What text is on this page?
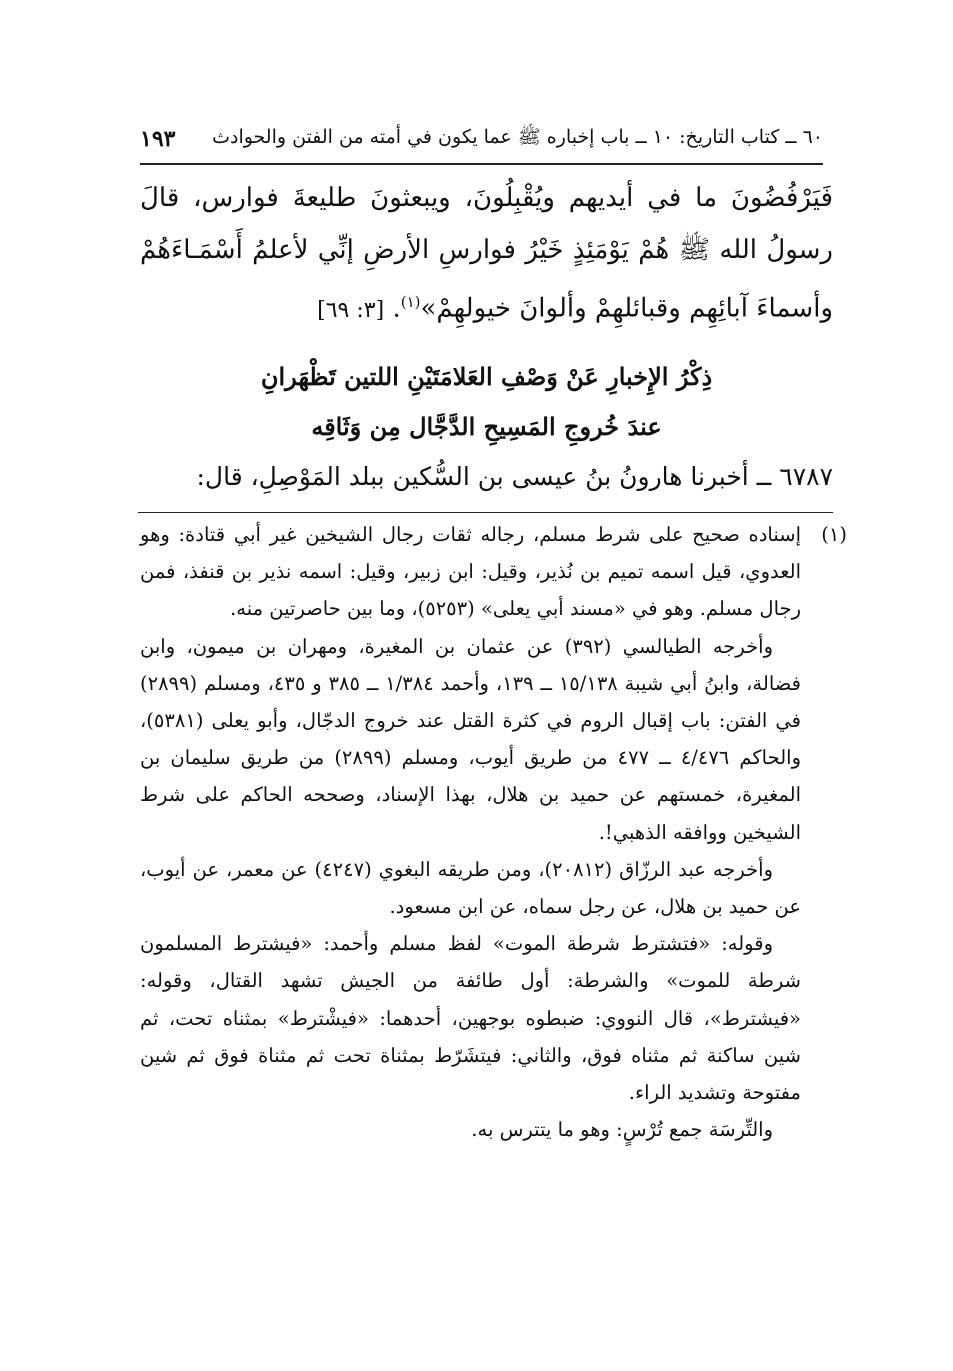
٦٠ ــ كتاب التاريخ: ١٠ ــ باب إخباره ﷺ عما يكون في أمته من الفتن والحوادث
١٩٣
فَيَرْفُضُونَ ما في أيديهم ويُقْبِلُونَ، ويبعثونَ طليعةَ فوارس، قالَ رسولُ الله ﷺ هُمْ يَوْمَئِذٍ خَيْرُ فوارسِ الأرضِ إنِّي لأعلمُ أَسْمَـاءَهُمْ وأسماءَ آبائِهِم وقبائلهِمْ وألوانَ خيولهِمْ»$^{(١)}$. [٣: ٦٩]
ذِكْرُ الإِخبارِ عَنْ وَصْفِ العَلامَتَيْنِ اللتين تَظْهَرانِ
عندَ خُروجِ المَسِيحِ الدَّجَّال مِن وَثَاقِه
٦٧٨٧ ــ أخبرنا هارونُ بنُ عيسى بن السُّكين ببلد المَوْصِلِ، قال:
(١)

إسناده صحيح على شرط مسلم، رجاله ثقات رجال الشيخين غير أبي قتادة: وهو العدوي، قيل اسمه تميم بن نُذير، وقيل: ابن زبير، وقيل: اسمه نذير بن قنفذ، فمن رجال مسلم. وهو في «مسند أبي يعلى» (٥٢٥٣)، وما بين حاصرتين منه.

وأخرجه الطيالسي (٣٩٢) عن عثمان بن المغيرة، ومهران بن ميمون، وابن فضالة، وابنُ أبي شيبة ١٥/١٣٨ ــ ١٣٩، وأحمد ١/٣٨٤ ــ ٣٨٥ و ٤٣٥، ومسلم (٢٨٩٩) في الفتن: باب إقبال الروم في كثرة القتل عند خروج الدجّال، وأبو يعلى (٥٣٨١)، والحاكم ٤/٤٧٦ ــ ٤٧٧ من طريق أيوب، ومسلم (٢٨٩٩) من طريق سليمان بن المغيرة، خمستهم عن حميد بن هلال، بهذا الإسناد، وصححه الحاكم على شرط الشيخين ووافقه الذهبي!.

وأخرجه عبد الرزّاق (٢٠٨١٢)، ومن طريقه البغوي (٤٢٤٧) عن معمر، عن أيوب، عن حميد بن هلال، عن رجل سماه، عن ابن مسعود.

وقوله: «فتشترط شرطة الموت» لفظ مسلم وأحمد: «فيشترط المسلمون شرطة للموت» والشرطة: أول طائفة من الجيش تشهد القتال، وقوله: «فيشترط»، قال النووي: ضبطوه بوجهين، أحدهما: «فيشْترط» بمثناه تحت، ثم شين ساكنة ثم مثناه فوق، والثاني: فيتشَرّط بمثناة تحت ثم مثناة فوق ثم شين مفتوحة وتشديد الراء.

والتِّرسَة جمع تُرْسٍ: وهو ما يتترس به.
